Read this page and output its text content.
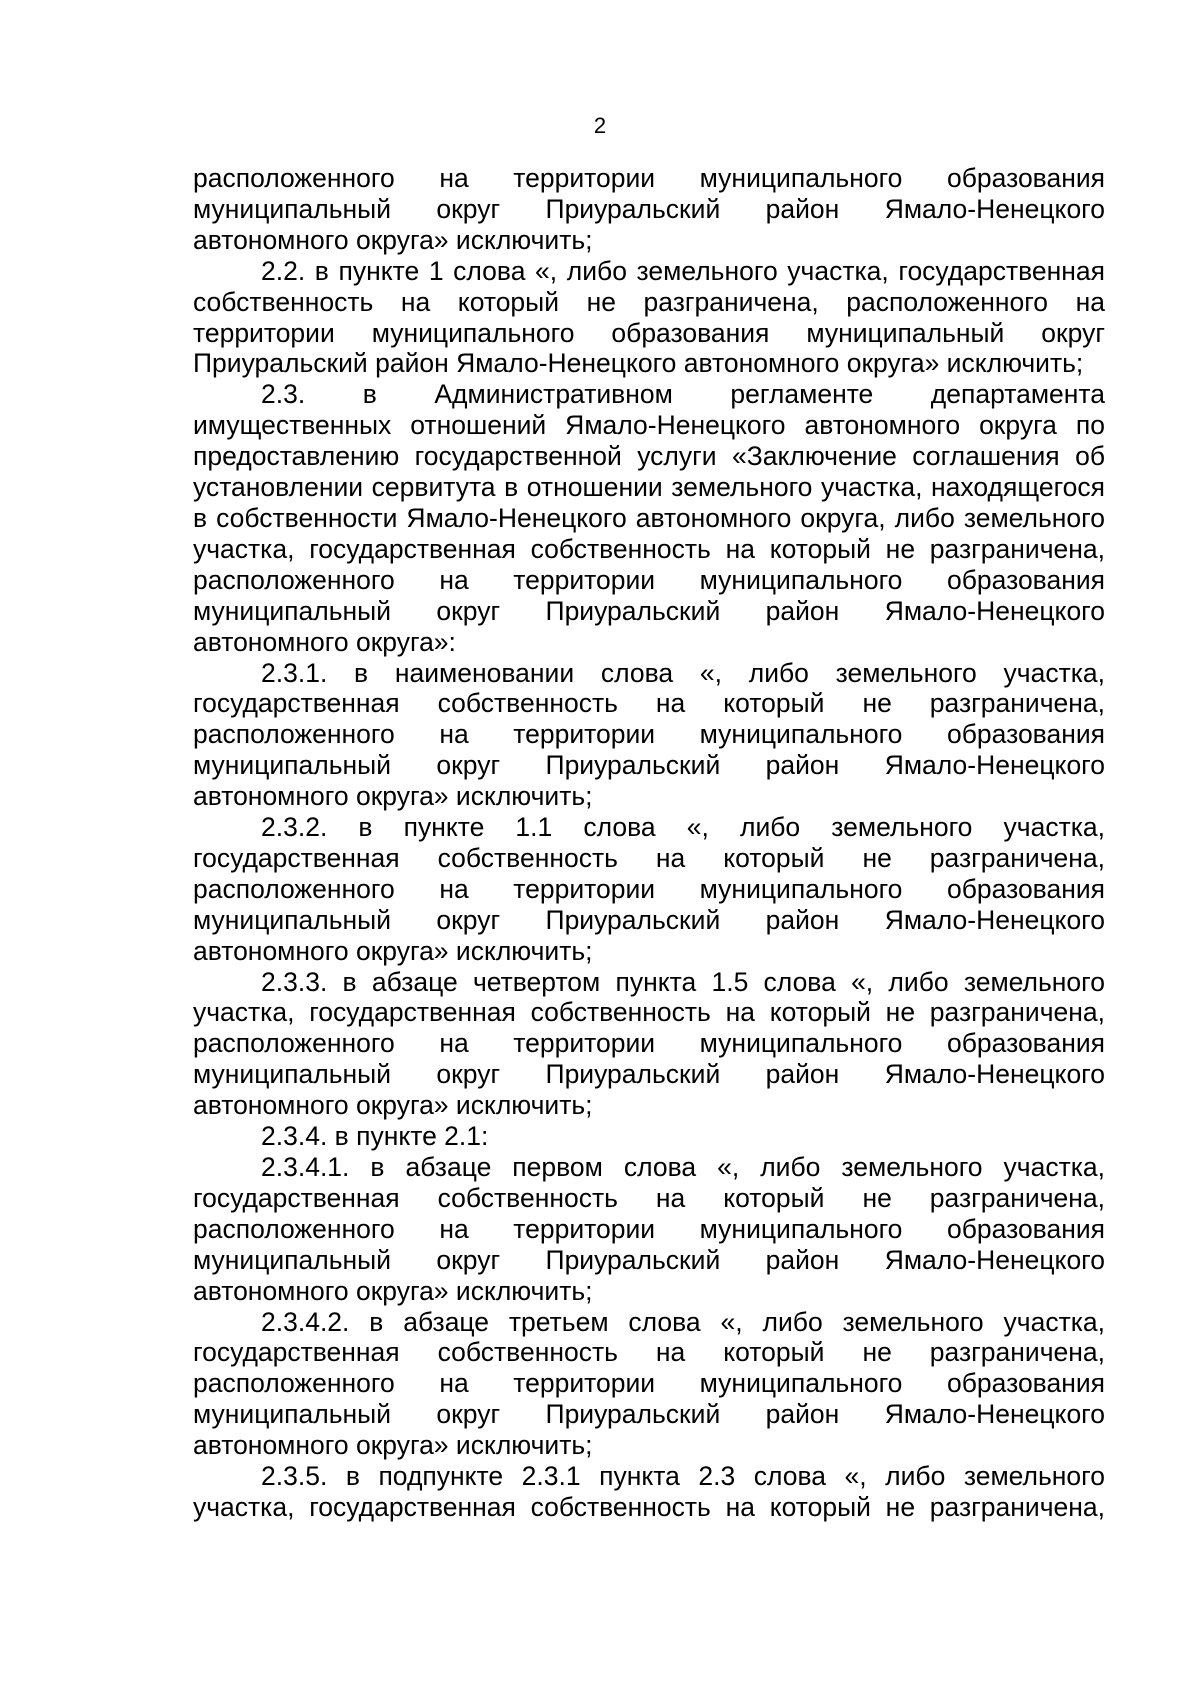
2

расположенного на территории муниципального образования муниципальный округ Приуральский район Ямало-Ненецкого автономного округа» исключить;

2.2. в пункте 1 слова «, либо земельного участка, государственная собственность на который не разграничена, расположенного на территории муниципального образования муниципальный округ Приуральский район Ямало-Ненецкого автономного округа» исключить;

2.3. в Административном регламенте департамента имущественных отношений Ямало-Ненецкого автономного округа по предоставлению государственной услуги «Заключение соглашения об установлении сервитута в отношении земельного участка, находящегося в собственности Ямало-Ненецкого автономного округа, либо земельного участка, государственная собственность на который не разграничена, расположенного на территории муниципального образования муниципальный округ Приуральский район Ямало-Ненецкого автономного округа»:

2.3.1. в наименовании слова «, либо земельного участка, государственная собственность на который не разграничена, расположенного на территории муниципального образования муниципальный округ Приуральский район Ямало-Ненецкого автономного округа» исключить;

2.3.2. в пункте 1.1 слова «, либо земельного участка, государственная собственность на который не разграничена, расположенного на территории муниципального образования муниципальный округ Приуральский район Ямало-Ненецкого автономного округа» исключить;

2.3.3. в абзаце четвертом пункта 1.5 слова «, либо земельного участка, государственная собственность на который не разграничена, расположенного на территории муниципального образования муниципальный округ Приуральский район Ямало-Ненецкого автономного округа» исключить;

2.3.4. в пункте 2.1:

2.3.4.1. в абзаце первом слова «, либо земельного участка, государственная собственность на который не разграничена, расположенного на территории муниципального образования муниципальный округ Приуральский район Ямало-Ненецкого автономного округа» исключить;

2.3.4.2. в абзаце третьем слова «, либо земельного участка, государственная собственность на который не разграничена, расположенного на территории муниципального образования муниципальный округ Приуральский район Ямало-Ненецкого автономного округа» исключить;

2.3.5. в подпункте 2.3.1 пункта 2.3 слова «, либо земельного участка, государственная собственность на который не разграничена,
